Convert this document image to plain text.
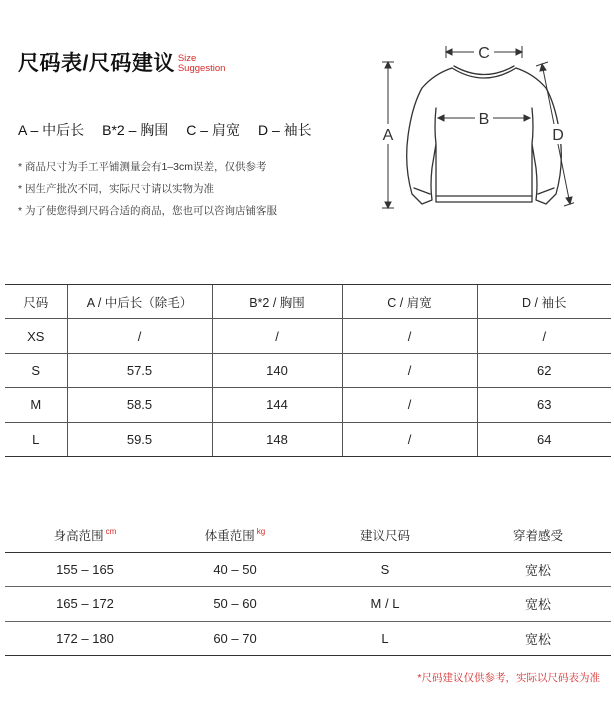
尺码表/尺码建议 Size
Suggestion
A – 中后长 B*2 – 胸围 C – 肩宽 D – 袖长
* 商品尺寸为手工平铺测量会有1–3cm误差，仅供参考
* 因生产批次不同，实际尺寸请以实物为准
* 为了使您得到尺码合适的商品，您也可以咨询店铺客服
C
B
A	D
尺码	A / 中后长（除毛）	B*2 / 胸围	C / 肩宽	D / 袖长
XS	/	/	/	/
S	57.5	140	/	62
M	58.5	144	/	63
L	59.5	148	/	64
身高范围 $^{cm}$	体重范围 $^{kg}$	建议尺码	穿着感受
155 – 165	40 – 50	S	宽松
165 – 172	50 – 60	M / L	宽松
172 – 180	60 – 70	L	宽松
*尺码建议仅供参考，实际以尺码表为准
